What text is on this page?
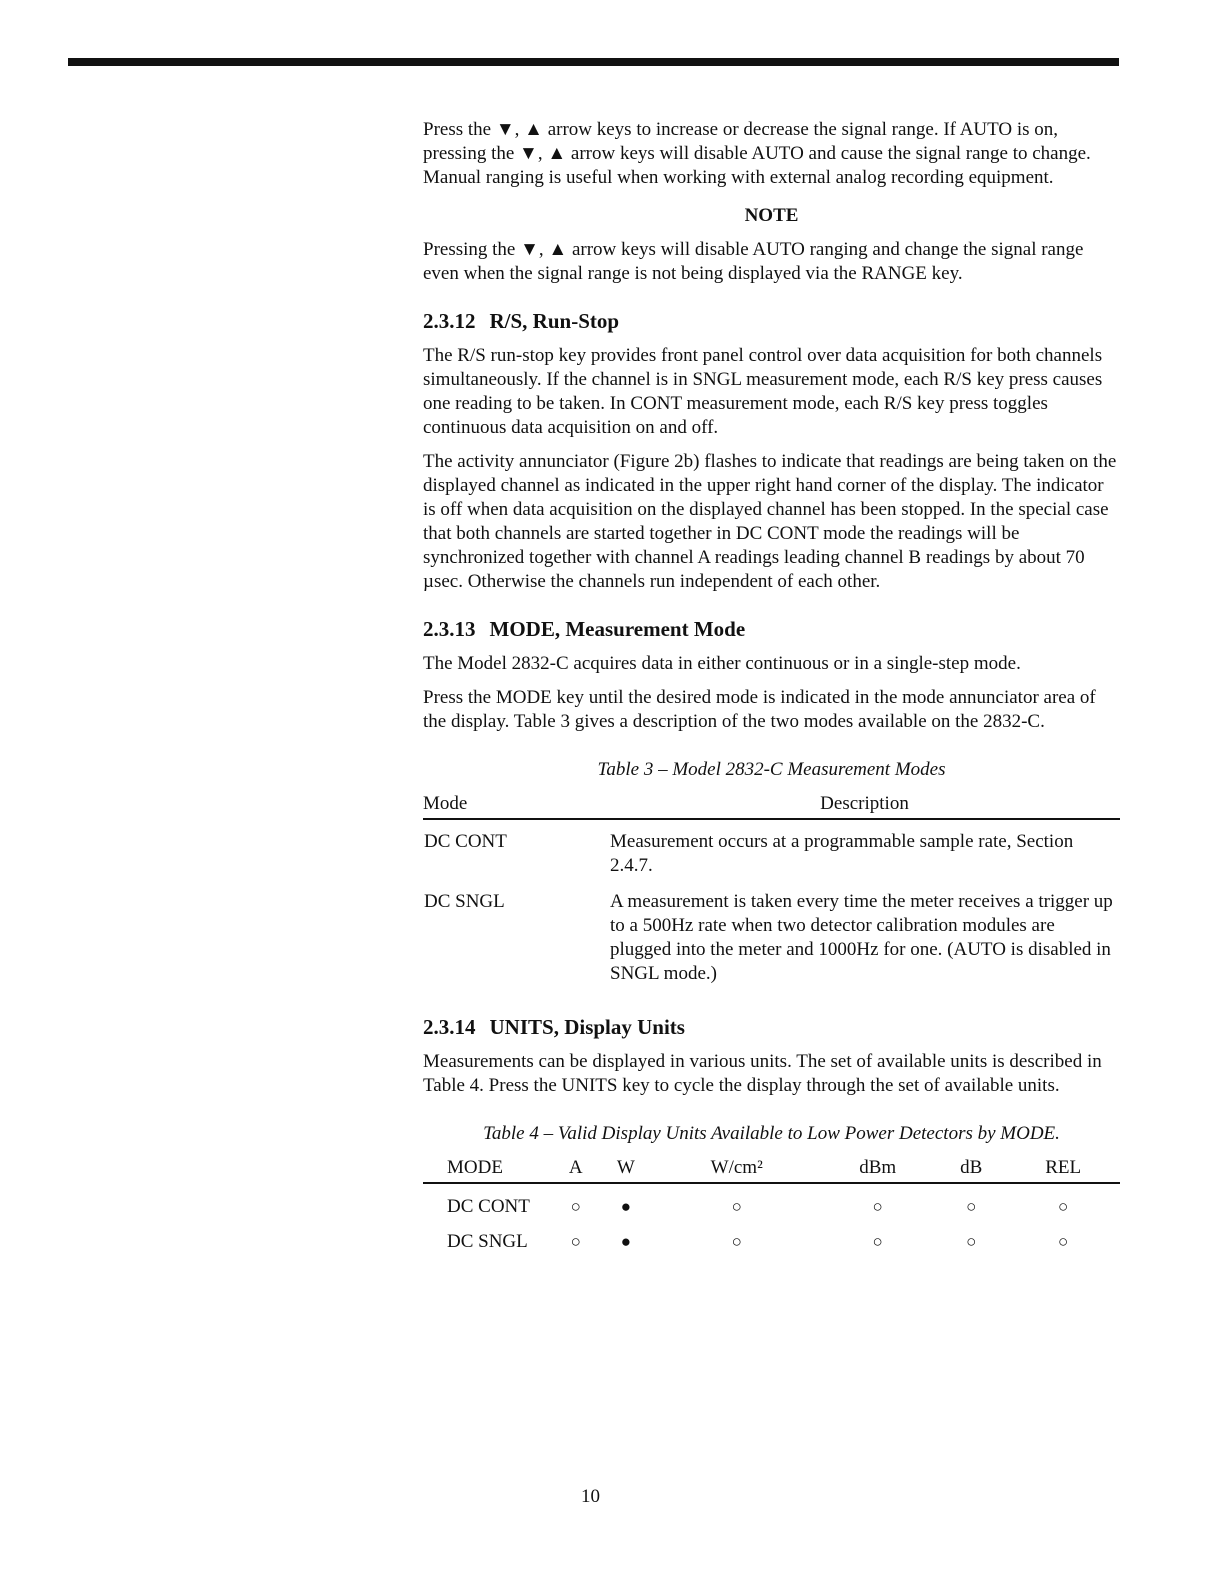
Press the ▼, ▲ arrow keys to increase or decrease the signal range. If AUTO is on, pressing the ▼, ▲ arrow keys will disable AUTO and cause the signal range to change. Manual ranging is useful when working with external analog recording equipment.

NOTE

Pressing the ▼, ▲ arrow keys will disable AUTO ranging and change the signal range even when the signal range is not being displayed via the RANGE key.

2.3.12 R/S, Run-Stop

The R/S run-stop key provides front panel control over data acquisition for both channels simultaneously. If the channel is in SNGL measurement mode, each R/S key press causes one reading to be taken. In CONT measurement mode, each R/S key press toggles continuous data acquisition on and off.

The activity annunciator (Figure 2b) flashes to indicate that readings are being taken on the displayed channel as indicated in the upper right hand corner of the display. The indicator is off when data acquisition on the displayed channel has been stopped. In the special case that both channels are started together in DC CONT mode the readings will be synchronized together with channel A readings leading channel B readings by about 70 µsec. Otherwise the channels run independent of each other.

2.3.13 MODE, Measurement Mode

The Model 2832-C acquires data in either continuous or in a single-step mode.

Press the MODE key until the desired mode is indicated in the mode annunciator area of the display. Table 3 gives a description of the two modes available on the 2832-C.

Table 3 – Model 2832-C Measurement Modes
Mode	Description
DC CONT	Measurement occurs at a programmable sample rate, Section 2.4.7.
DC SNGL	A measurement is taken every time the meter receives a trigger up to a 500Hz rate when two detector calibration modules are plugged into the meter and 1000Hz for one. (AUTO is disabled in SNGL mode.)
2.3.14 UNITS, Display Units

Measurements can be displayed in various units. The set of available units is described in Table 4. Press the UNITS key to cycle the display through the set of available units.

Table 4 – Valid Display Units Available to Low Power Detectors by MODE.
MODE	A	W	W/cm²	dBm	dB	REL
DC CONT	○	●	○	○	○	○
DC SNGL	○	●	○	○	○	○
10
